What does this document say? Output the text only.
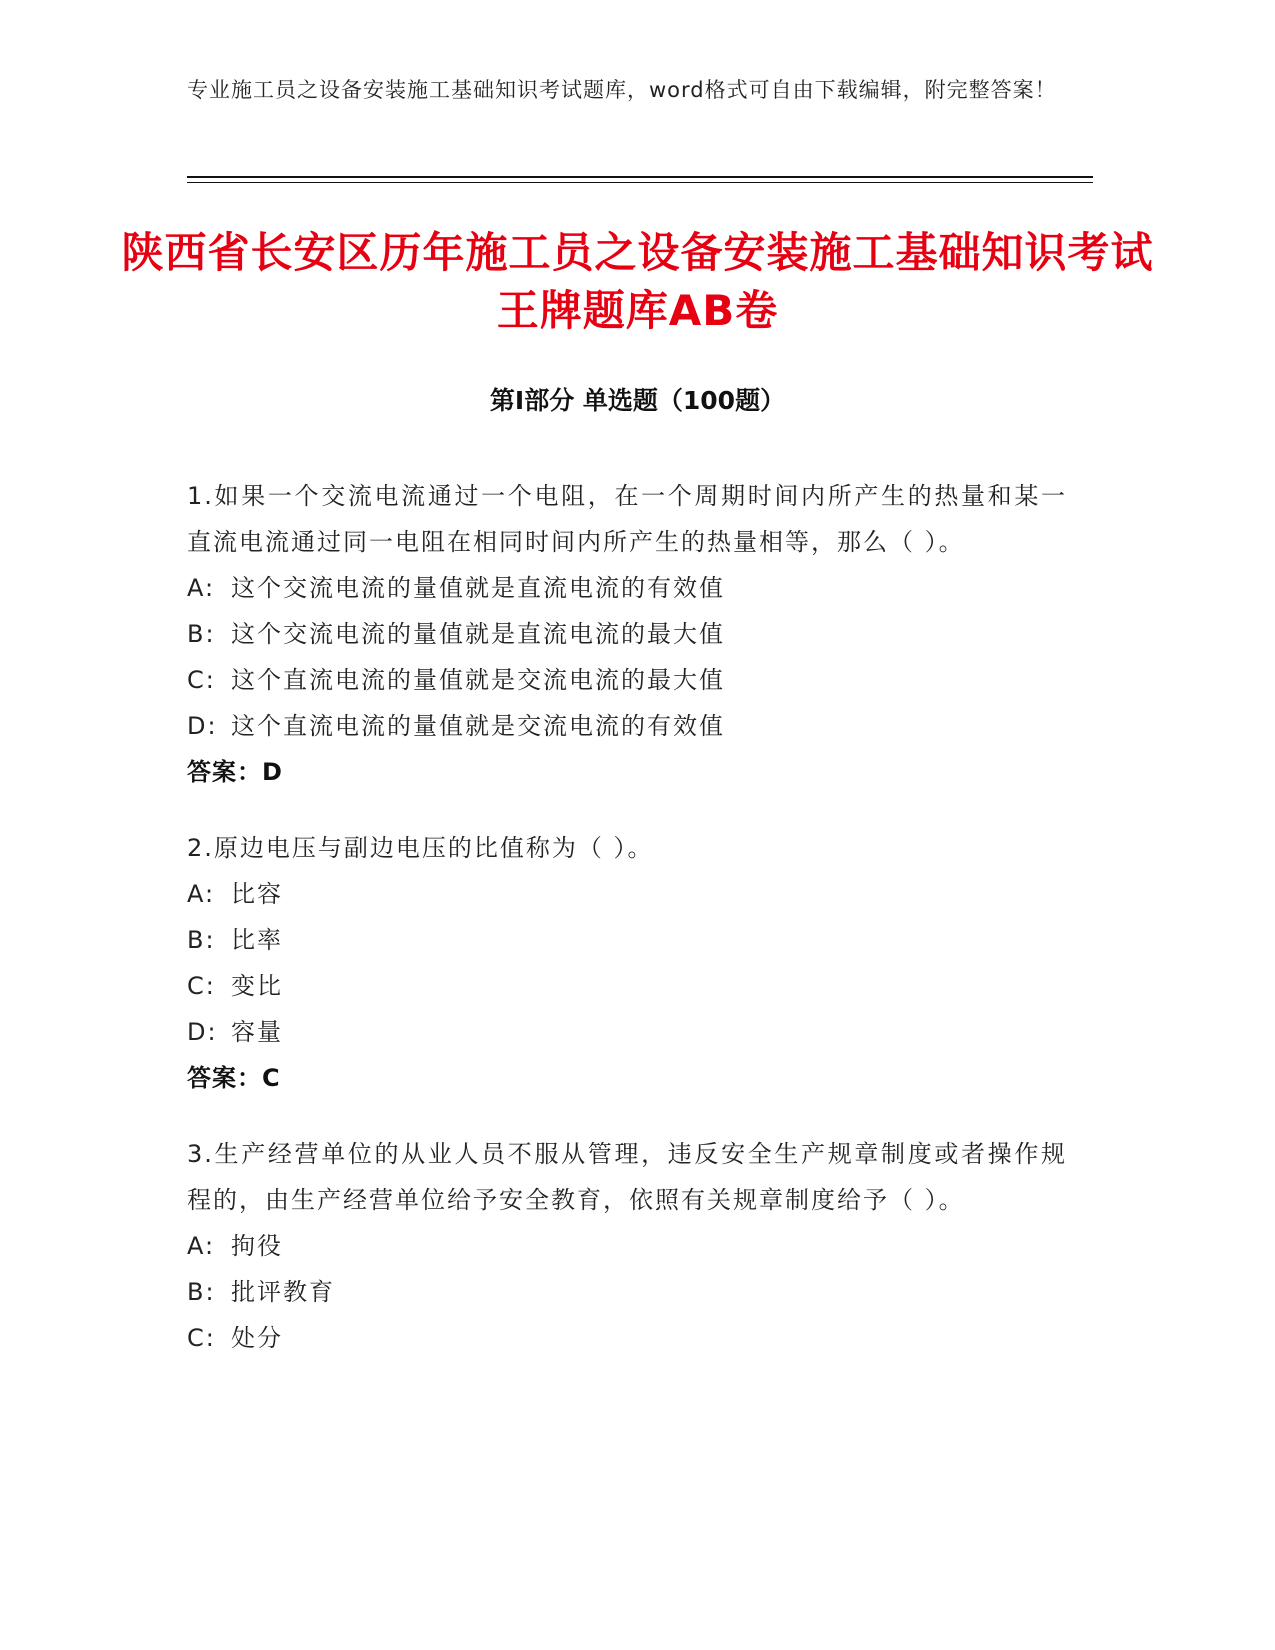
专业施工员之设备安装施工基础知识考试题库，word格式可自由下载编辑，附完整答案！
陕西省长安区历年施工员之设备安装施工基础知识考试王牌题库AB卷
第I部分 单选题（100题）
1.如果一个交流电流通过一个电阻，在一个周期时间内所产生的热量和某一直流电流通过同一电阻在相同时间内所产生的热量相等，那么（ ）。
A: 这个交流电流的量值就是直流电流的有效值
B: 这个交流电流的量值就是直流电流的最大值
C: 这个直流电流的量值就是交流电流的最大值
D: 这个直流电流的量值就是交流电流的有效值
答案：D
2.原边电压与副边电压的比值称为（ ）。
A: 比容
B: 比率
C: 变比
D: 容量
答案：C
3.生产经营单位的从业人员不服从管理，违反安全生产规章制度或者操作规程的，由生产经营单位给予安全教育，依照有关规章制度给予（ ）。
A: 拘役
B: 批评教育
C: 处分
